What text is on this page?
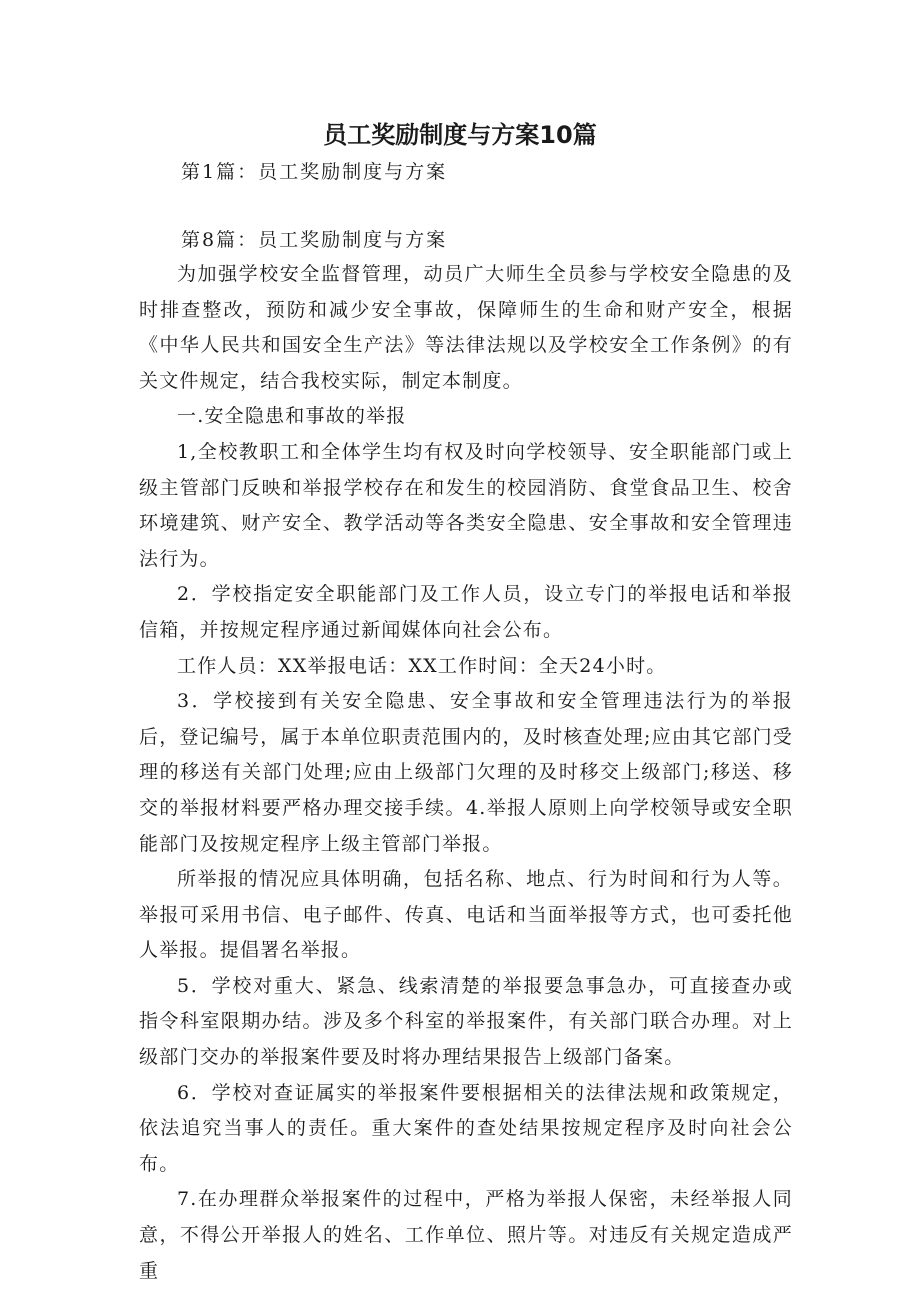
员工奖励制度与方案10篇
第1篇：员工奖励制度与方案
第8篇：员工奖励制度与方案

为加强学校安全监督管理，动员广大师生全员参与学校安全隐患的及时排查整改，预防和减少安全事故，保障师生的生命和财产安全，根据《中华人民共和国安全生产法》等法律法规以及学校安全工作条例》的有关文件规定，结合我校实际，制定本制度。

一.安全隐患和事故的举报

1,全校教职工和全体学生均有权及时向学校领导、安全职能部门或上级主管部门反映和举报学校存在和发生的校园消防、食堂食品卫生、校舍环境建筑、财产安全、教学活动等各类安全隐患、安全事故和安全管理违法行为。

2．学校指定安全职能部门及工作人员，设立专门的举报电话和举报信箱，并按规定程序通过新闻媒体向社会公布。

工作人员：XX举报电话：XX工作时间：全天24小时。

3．学校接到有关安全隐患、安全事故和安全管理违法行为的举报后，登记编号，属于本单位职责范围内的，及时核查处理;应由其它部门受理的移送有关部门处理;应由上级部门欠理的及时移交上级部门;移送、移交的举报材料要严格办理交接手续。4.举报人原则上向学校领导或安全职能部门及按规定程序上级主管部门举报。

所举报的情况应具体明确，包括名称、地点、行为时间和行为人等。举报可采用书信、电子邮件、传真、电话和当面举报等方式，也可委托他人举报。提倡署名举报。

5．学校对重大、紧急、线索清楚的举报要急事急办，可直接查办或指令科室限期办结。涉及多个科室的举报案件，有关部门联合办理。对上级部门交办的举报案件要及时将办理结果报告上级部门备案。

6．学校对查证属实的举报案件要根据相关的法律法规和政策规定，依法追究当事人的责任。重大案件的查处结果按规定程序及时向社会公布。

7.在办理群众举报案件的过程中，严格为举报人保密，未经举报人同意，不得公开举报人的姓名、工作单位、照片等。对违反有关规定造成严重
